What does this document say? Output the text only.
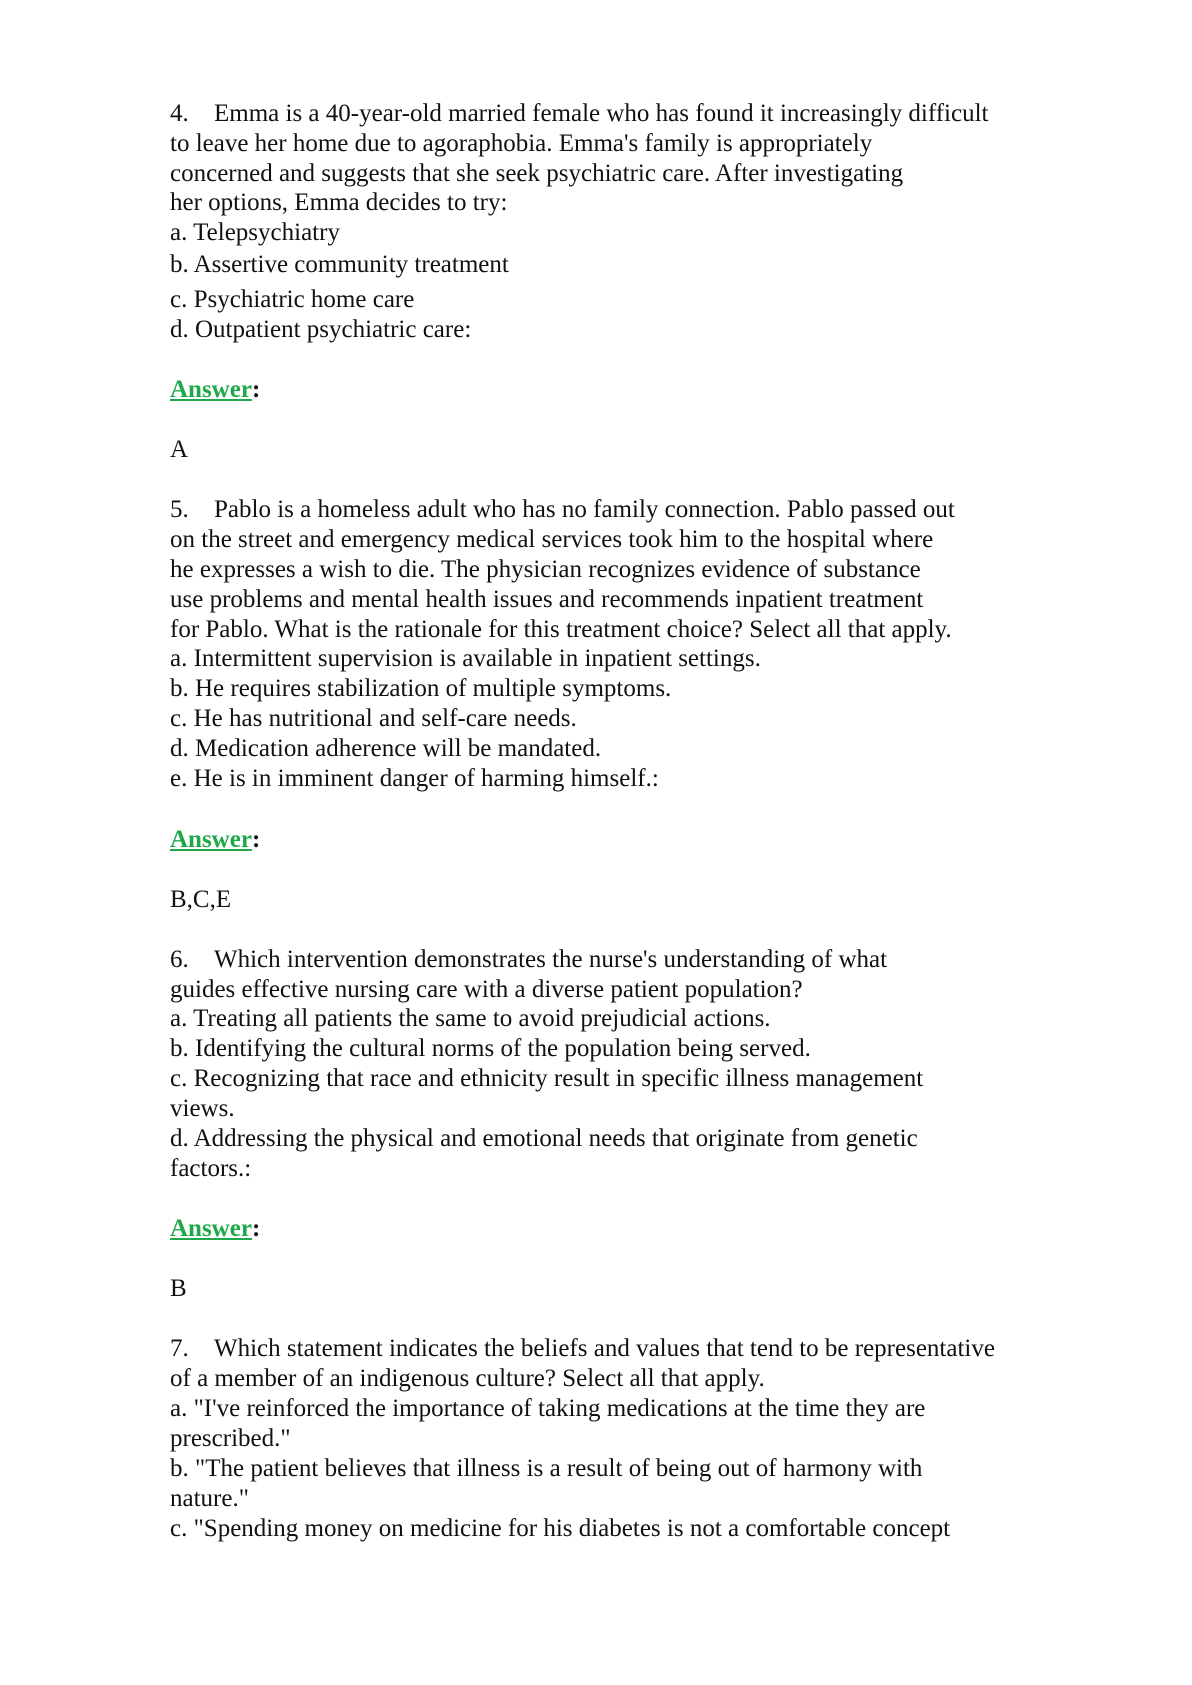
4. Emma is a 40-year-old married female who has found it increasingly difficult
to leave her home due to agoraphobia. Emma's family is appropriately
concerned and suggests that she seek psychiatric care. After investigating
her options, Emma decides to try:
a. Telepsychiatry
b. Assertive community treatment
c. Psychiatric home care
d. Outpatient psychiatric care:
Answer:
A
5. Pablo is a homeless adult who has no family connection. Pablo passed out
on the street and emergency medical services took him to the hospital where
he expresses a wish to die. The physician recognizes evidence of substance
use problems and mental health issues and recommends inpatient treatment
for Pablo. What is the rationale for this treatment choice? Select all that apply.
a. Intermittent supervision is available in inpatient settings.
b. He requires stabilization of multiple symptoms.
c. He has nutritional and self-care needs.
d. Medication adherence will be mandated.
e. He is in imminent danger of harming himself.:
Answer:
B,C,E
6. Which intervention demonstrates the nurse's understanding of what
guides effective nursing care with a diverse patient population?
a. Treating all patients the same to avoid prejudicial actions.
b. Identifying the cultural norms of the population being served.
c. Recognizing that race and ethnicity result in specific illness management
views.
d. Addressing the physical and emotional needs that originate from genetic
factors.:
Answer:
B
7. Which statement indicates the beliefs and values that tend to be representative
of a member of an indigenous culture? Select all that apply.
a. "I've reinforced the importance of taking medications at the time they are
prescribed."
b. "The patient believes that illness is a result of being out of harmony with
nature."
c. "Spending money on medicine for his diabetes is not a comfortable concept
